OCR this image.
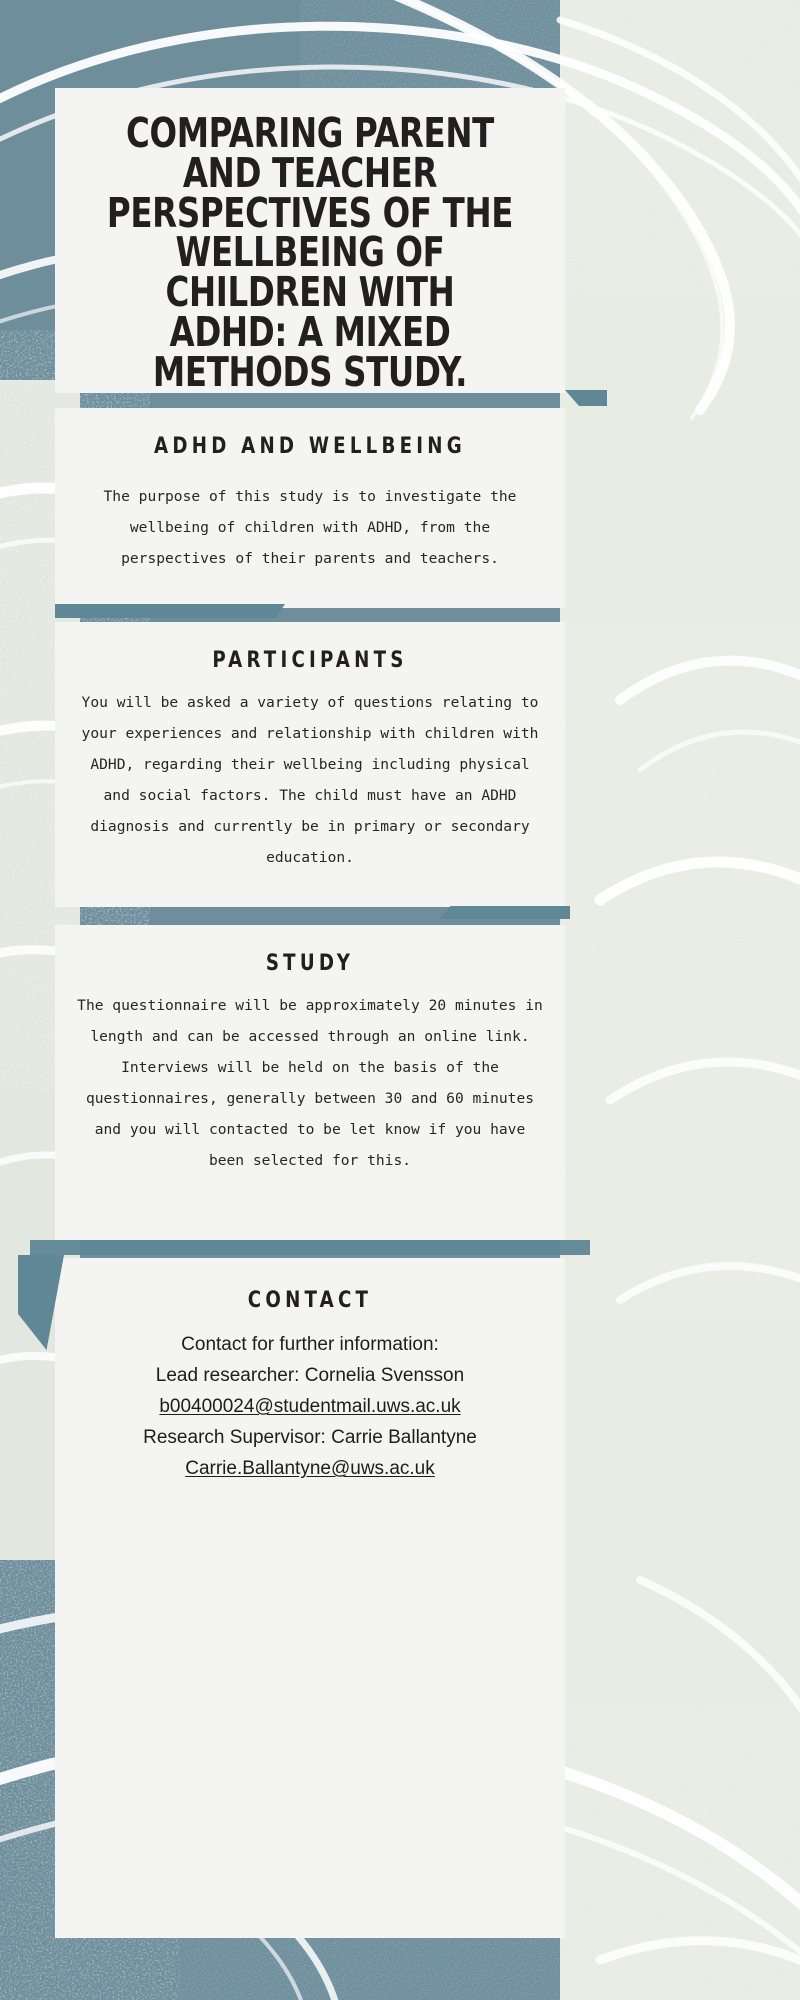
COMPARING PARENT AND TEACHER PERSPECTIVES OF THE WELLBEING OF CHILDREN WITH ADHD: A MIXED METHODS STUDY.
ADHD AND WELLBEING

The purpose of this study is to investigate the wellbeing of children with ADHD, from the perspectives of their parents and teachers.

PARTICIPANTS

You will be asked a variety of questions relating to your experiences and relationship with children with ADHD, regarding their wellbeing including physical and social factors. The child must have an ADHD diagnosis and currently be in primary or secondary education.

STUDY

The questionnaire will be approximately 20 minutes in length and can be accessed through an online link. Interviews will be held on the basis of the questionnaires, generally between 30 and 60 minutes and you will contacted to be let know if you have been selected for this.

CONTACT
Contact for further information:
Lead researcher: Cornelia Svensson
b00400024@studentmail.uws.ac.uk
Research Supervisor: Carrie Ballantyne
Carrie.Ballantyne@uws.ac.uk
